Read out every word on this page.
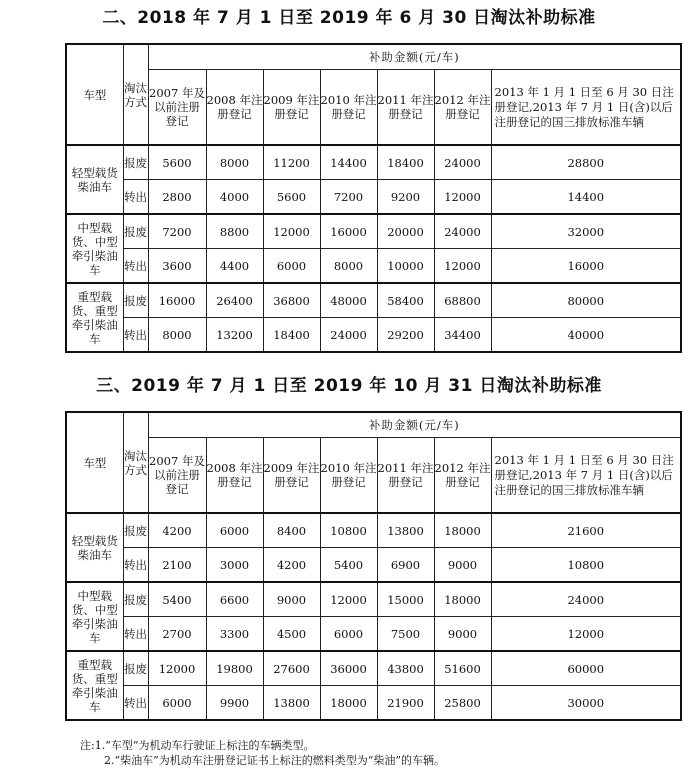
二、2018 年 7 月 1 日至 2019 年 6 月 30 日淘汰补助标准
车型	淘汰方式	补助金额(元/车)						
		2007 年及以前注册登记	2008 年注册登记	2009 年注册登记	2010 年注册登记	2011 年注册登记	2012 年注册登记	2013 年 1 月 1 日至 6 月 30 日注册登记,2013 年 7 月 1 日(含)以后注册登记的国三排放标准车辆
轻型载货柴油车	报废	5600	8000	11200	14400	18400	24000	28800
	转出	2800	4000	5600	7200	9200	12000	14400
中型载货、中型牵引柴油车	报废	7200	8800	12000	16000	20000	24000	32000
	转出	3600	4400	6000	8000	10000	12000	16000
重型载货、重型牵引柴油车	报废	16000	26400	36800	48000	58400	68800	80000
	转出	8000	13200	18400	24000	29200	34400	40000
三、2019 年 7 月 1 日至 2019 年 10 月 31 日淘汰补助标准
车型	淘汰方式	补助金额(元/车)						
		2007 年及以前注册登记	2008 年注册登记	2009 年注册登记	2010 年注册登记	2011 年注册登记	2012 年注册登记	2013 年 1 月 1 日至 6 月 30 日注册登记,2013 年 7 月 1 日(含)以后注册登记的国三排放标准车辆
轻型载货柴油车	报废	4200	6000	8400	10800	13800	18000	21600
	转出	2100	3000	4200	5400	6900	9000	10800
中型载货、中型牵引柴油车	报废	5400	6600	9000	12000	15000	18000	24000
	转出	2700	3300	4500	6000	7500	9000	12000
重型载货、重型牵引柴油车	报废	12000	19800	27600	36000	43800	51600	60000
	转出	6000	9900	13800	18000	21900	25800	30000
注:1.“车型”为机动车行驶证上标注的车辆类型。
2.“柴油车”为机动车注册登记证书上标注的燃料类型为“柴油”的车辆。
